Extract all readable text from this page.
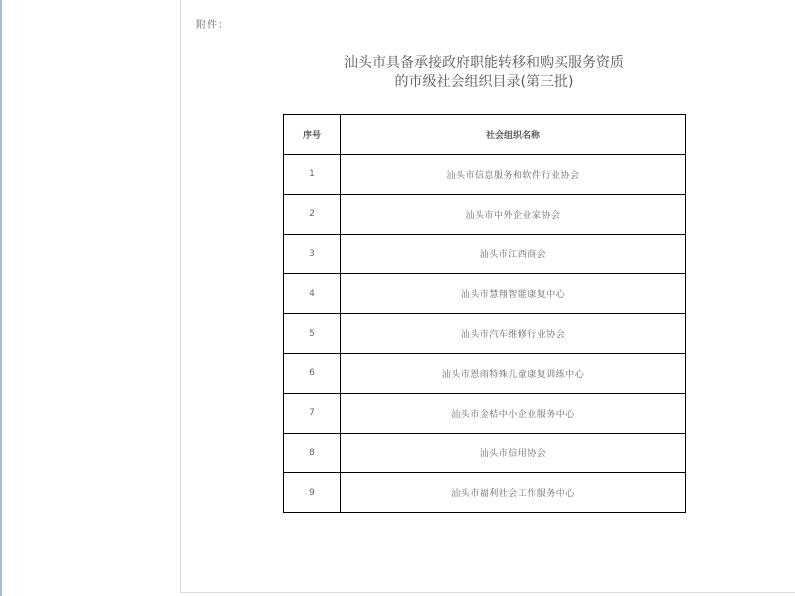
附件：
汕头市具备承接政府职能转移和购买服务资质
的市级社会组织目录(第三批)
序号	社会组织名称
1	汕头市信息服务和软件行业协会
2	汕头市中外企业家协会
3	汕头市江西商会
4	汕头市慧翔智能康复中心
5	汕头市汽车维修行业协会
6	汕头市恩雨特殊儿童康复训练中心
7	汕头市金桔中小企业服务中心
8	汕头市信用协会
9	汕头市福利社会工作服务中心
